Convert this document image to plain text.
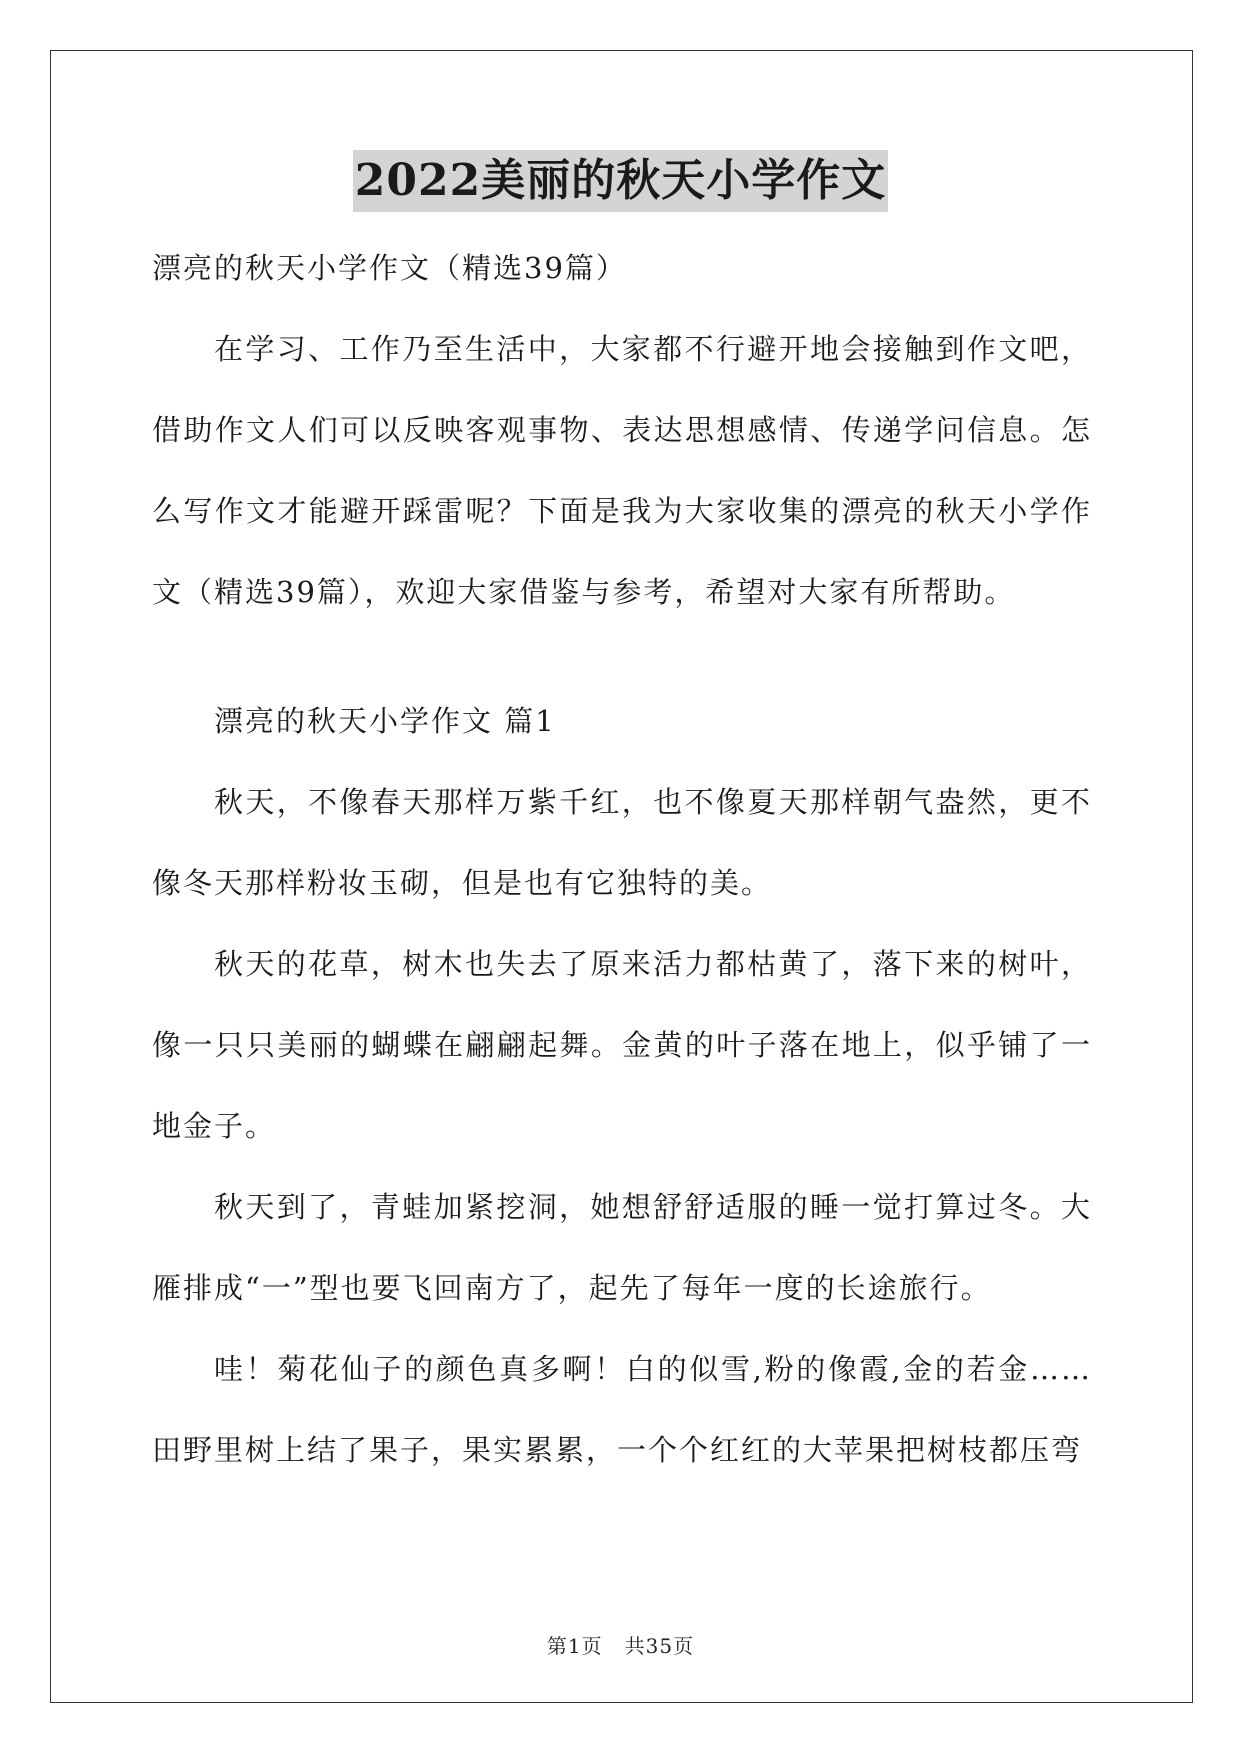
2022美丽的秋天小学作文

漂亮的秋天小学作文（精选39篇）

在学习、工作乃至生活中，大家都不行避开地会接触到作文吧，借助作文人们可以反映客观事物、表达思想感情、传递学问信息。怎么写作文才能避开踩雷呢？下面是我为大家收集的漂亮的秋天小学作文（精选39篇），欢迎大家借鉴与参考，希望对大家有所帮助。

漂亮的秋天小学作文 篇1

秋天，不像春天那样万紫千红，也不像夏天那样朝气盎然，更不像冬天那样粉妆玉砌，但是也有它独特的美。

秋天的花草，树木也失去了原来活力都枯黄了，落下来的树叶，像一只只美丽的蝴蝶在翩翩起舞。金黄的叶子落在地上，似乎铺了一地金子。

秋天到了，青蛙加紧挖洞，她想舒舒适服的睡一觉打算过冬。大雁排成“一”型也要飞回南方了，起先了每年一度的长途旅行。

哇！菊花仙子的颜色真多啊！白的似雪,粉的像霞,金的若金……田野里树上结了果子，果实累累，一个个红红的大苹果把树枝都压弯

第1页 共35页
